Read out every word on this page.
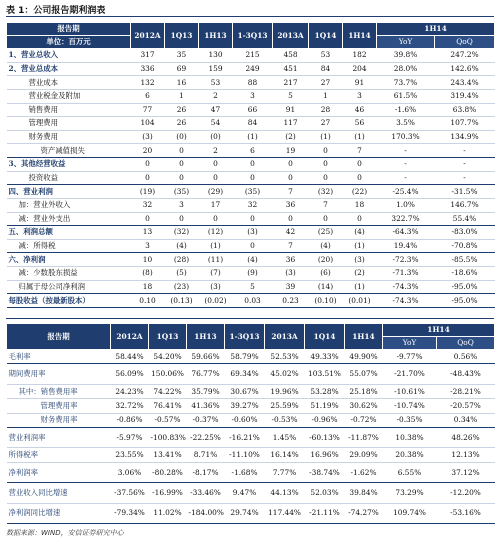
表 1：公司报告期利润表
报告期	2012A	1Q13	1H13	1-3Q13	2013A	1Q14	1H14	1H14	
单位：百万元								YoY	QoQ
1、营业总收入	317	35	130	215	458	53	182	39.8%	247.2%
2、营业总成本	336	69	159	249	451	84	204	28.0%	142.6%
营业成本	132	16	53	88	217	27	91	73.7%	243.4%
营业税金及附加	6	1	2	3	5	1	3	61.5%	319.4%
销售费用	77	26	47	66	91	28	46	-1.6%	63.8%
管理费用	104	26	54	84	117	27	56	3.5%	107.7%
财务费用	(3)	(0)	(0)	(1)	(2)	(1)	(1)	170.3%	134.9%
资产减值损失	20	0	2	6	19	0	7	-	-
3、其他经营收益	0	0	0	0	0	0	0	-	-
投资收益	0	0	0	0	0	0	0	-	-
四、营业利润	(19)	(35)	(29)	(35)	7	(32)	(22)	-25.4%	-31.5%
加：营业外收入	32	3	17	32	36	7	18	1.0%	146.7%
减：营业外支出	0	0	0	0	0	0	0	322.7%	55.4%
五、利润总额	13	(32)	(12)	(3)	42	(25)	(4)	-64.3%	-83.0%
减：所得税	3	(4)	(1)	0	7	(4)	(1)	19.4%	-70.8%
六、净利润	10	(28)	(11)	(4)	36	(20)	(3)	-72.3%	-85.5%
减：少数股东损益	(8)	(5)	(7)	(9)	(3)	(6)	(2)	-71.3%	-18.6%
归属于母公司净利润	18	(23)	(3)	5	39	(14)	(1)	-74.3%	-95.0%
每股收益（按最新股本）	0.10	(0.13)	(0.02)	0.03	0.23	(0.10)	(0.01)	-74.3%	-95.0%
报告期	2012A	1Q13	1H13	1-3Q13	2013A	1Q14	1H14	1H14	
								YoY	QoQ
毛利率	58.44%	54.20%	59.66%	58.79%	52.53%	49.33%	49.90%	-9.77%	0.56%
期间费用率	56.09%	150.06%	76.77%	69.34%	45.02%	103.51%	55.07%	-21.70%	-48.43%
其中：销售费用率	24.23%	74.22%	35.79%	30.67%	19.96%	53.28%	25.18%	-10.61%	-28.21%
管理费用率	32.72%	76.41%	41.36%	39.27%	25.59%	51.19%	30.62%	-10.74%	-20.57%
财务费用率	-0.86%	-0.57%	-0.37%	-0.60%	-0.53%	-0.96%	-0.72%	-0.35%	0.34%
营业利润率	-5.97%	-100.83%	-22.25%	-16.21%	1.45%	-60.13%	-11.87%	10.38%	48.26%
所得税率	23.55%	13.41%	8.71%	-11.10%	16.14%	16.96%	29.09%	20.38%	12.13%
净利润率	3.06%	-80.28%	-8.17%	-1.68%	7.77%	-38.74%	-1.62%	6.55%	37.12%
营业收入同比增速	-37.56%	-16.99%	-33.46%	9.47%	44.13%	52.03%	39.84%	73.29%	-12.20%
净利润同比增速	-79.34%	11.02%	-184.00%	29.74%	117.44%	-21.11%	-74.27%	109.74%	-53.16%
数据来源：WIND，安信证券研究中心
